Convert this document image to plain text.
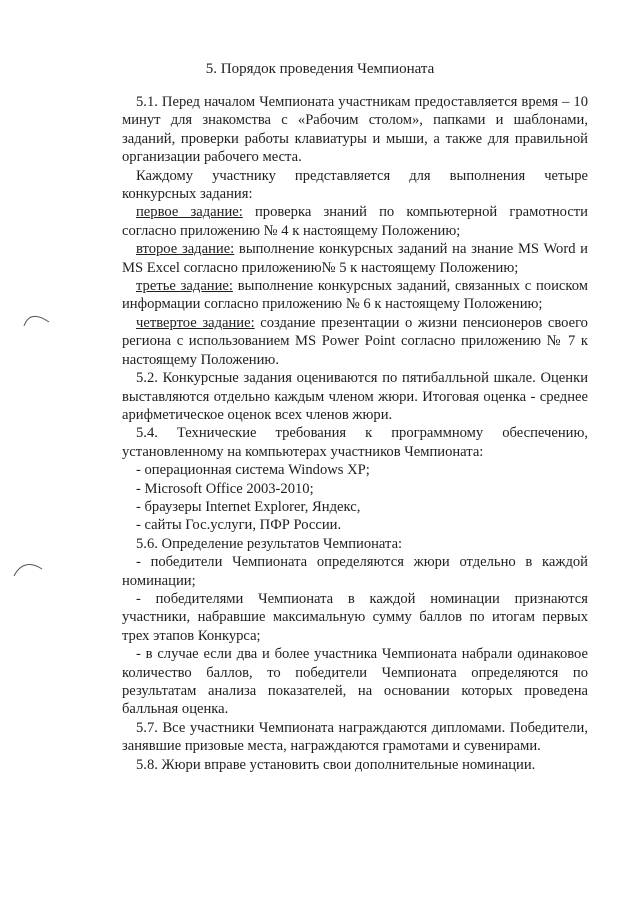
5. Порядок проведения Чемпионата

5.1. Перед началом Чемпионата участникам предоставляется время – 10 минут для знакомства с «Рабочим столом», папками и шаблонами, заданий, проверки работы клавиатуры и мыши, а также для правильной организации рабочего места.

Каждому участнику представляется для выполнения четыре конкурсных задания:

первое задание: проверка знаний по компьютерной грамотности согласно приложению № 4 к настоящему Положению;

второе задание: выполнение конкурсных заданий на знание MS Word и MS Excel согласно приложению№ 5 к настоящему Положению;

третье задание: выполнение конкурсных заданий, связанных с поиском информации согласно приложению № 6 к настоящему Положению;

четвертое задание: создание презентации о жизни пенсионеров своего региона с использованием MS Power Point согласно приложению № 7 к настоящему Положению.

5.2. Конкурсные задания оцениваются по пятибалльной шкале. Оценки выставляются отдельно каждым членом жюри. Итоговая оценка - среднее арифметическое оценок всех членов жюри.

5.4. Технические требования к программному обеспечению, установленному на компьютерах участников Чемпионата:

- операционная система Windows XP;

- Microsoft Office 2003-2010;

- браузеры Internet Explorer, Яндекс,

- сайты Гос.услуги, ПФР России.

5.6. Определение результатов Чемпионата:

- победители Чемпионата определяются жюри отдельно в каждой номинации;

- победителями Чемпионата в каждой номинации признаются участники, набравшие максимальную сумму баллов по итогам первых трех этапов Конкурса;

- в случае если два и более участника Чемпионата набрали одинаковое количество баллов, то победители Чемпионата определяются по результатам анализа показателей, на основании которых проведена балльная оценка.

5.7. Все участники Чемпионата награждаются дипломами. Победители, занявшие призовые места, награждаются грамотами и сувенирами.

5.8. Жюри вправе установить свои дополнительные номинации.
